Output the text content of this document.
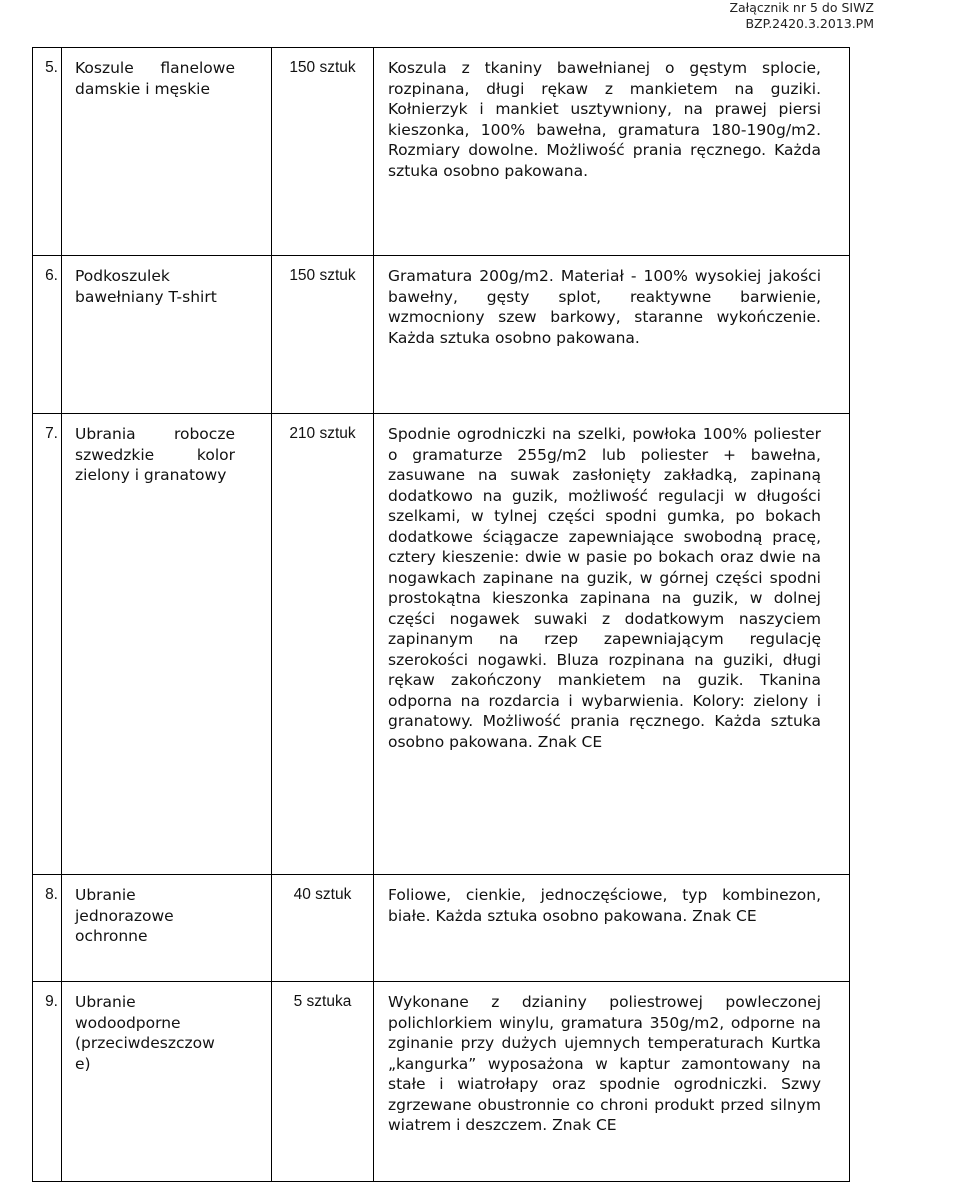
Załącznik nr 5 do SIWZ
BZP.2420.3.2013.PM
5.	Koszule flanelowe damskie i męskie	150 sztuk	Koszula z tkaniny bawełnianej o gęstym splocie, rozpinana, długi rękaw z mankietem na guziki. Kołnierzyk i mankiet usztywniony, na prawej piersi kieszonka, 100% bawełna, gramatura 180-190g/m2. Rozmiary dowolne. Możliwość prania ręcznego. Każda sztuka osobno pakowana.
6.	Podkoszulek bawełniany T-shirt	150 sztuk	Gramatura 200g/m2. Materiał - 100% wysokiej jakości bawełny, gęsty splot, reaktywne barwienie, wzmocniony szew barkowy, staranne wykończenie. Każda sztuka osobno pakowana.
7.	Ubrania robocze szwedzkie kolor zielony i granatowy	210 sztuk	Spodnie ogrodniczki na szelki, powłoka 100% poliester o gramaturze 255g/m2 lub poliester + bawełna, zasuwane na suwak zasłonięty zakładką, zapinaną dodatkowo na guzik, możliwość regulacji w długości szelkami, w tylnej części spodni gumka, po bokach dodatkowe ściągacze zapewniające swobodną pracę, cztery kieszenie: dwie w pasie po bokach oraz dwie na nogawkach zapinane na guzik, w górnej części spodni prostokątna kieszonka zapinana na guzik, w dolnej części nogawek suwaki z dodatkowym naszyciem zapinanym na rzep zapewniającym regulację szerokości nogawki. Bluza rozpinana na guziki, długi rękaw zakończony mankietem na guzik. Tkanina odporna na rozdarcia i wybarwienia. Kolory: zielony i granatowy. Możliwość prania ręcznego. Każda sztuka osobno pakowana. Znak CE
8.	Ubranie jednorazowe ochronne	40 sztuk	Foliowe, cienkie, jednoczęściowe, typ kombinezon, białe. Każda sztuka osobno pakowana. Znak CE
9.	Ubranie wodoodporne (przeciwdeszczow e)	5 sztuka	Wykonane z dzianiny poliestrowej powleczonej polichlorkiem winylu, gramatura 350g/m2, odporne na zginanie przy dużych ujemnych temperaturach Kurtka „kangurka” wyposażona w kaptur zamontowany na stałe i wiatrołapy oraz spodnie ogrodniczki. Szwy zgrzewane obustronnie co chroni produkt przed silnym wiatrem i deszczem. Znak CE
